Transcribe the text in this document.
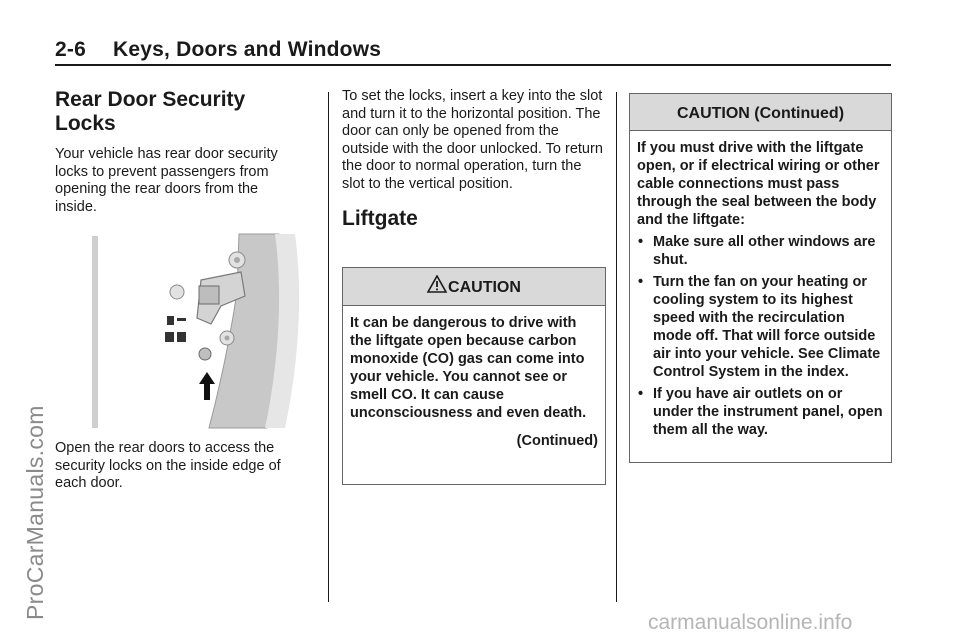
2-6 Keys, Doors and Windows
Rear Door Security Locks

Your vehicle has rear door security locks to prevent passengers from opening the rear doors from the inside.

Open the rear doors to access the security locks on the inside edge of each door.

To set the locks, insert a key into the slot and turn it to the horizontal position. The door can only be opened from the outside with the door unlocked. To return the door to normal operation, turn the slot to the vertical position.

Liftgate
CAUTION
It can be dangerous to drive with the liftgate open because carbon monoxide (CO) gas can come into your vehicle. You cannot see or smell CO. It can cause unconsciousness and even death.
(Continued)
CAUTION (Continued)
If you must drive with the liftgate open, or if electrical wiring or other cable connections must pass through the seal between the body and the liftgate:
• Make sure all other windows are shut.
• Turn the fan on your heating or cooling system to its highest speed with the recirculation mode off. That will force outside air into your vehicle. See Climate Control System in the index.
• If you have air outlets on or under the instrument panel, open them all the way.
ProCarManuals.com
carmanualsonline.info
